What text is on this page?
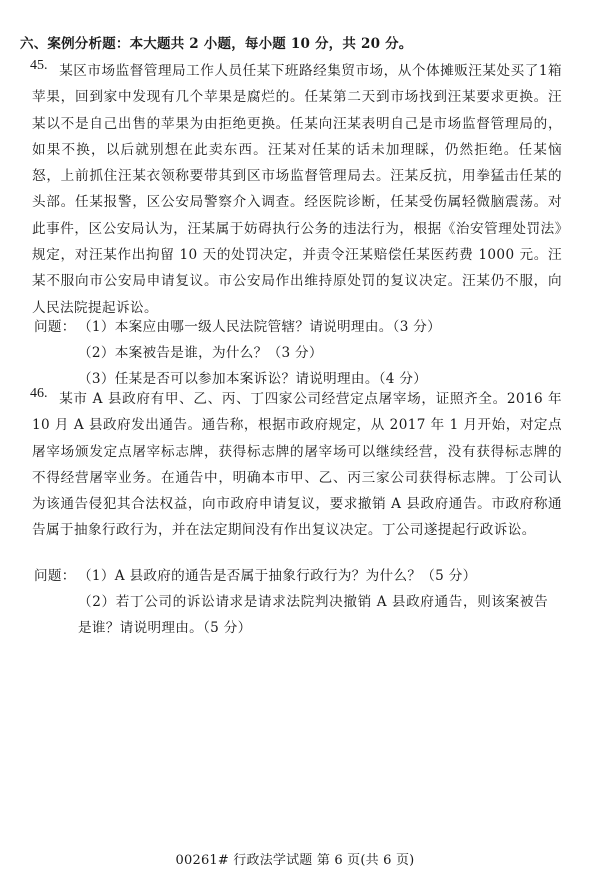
六、案例分析题：本大题共 2 小题，每小题 10 分，共 20 分。
45. 某区市场监督管理局工作人员任某下班路经集贸市场，从个体摊贩汪某处买了1箱苹果，回到家中发现有几个苹果是腐烂的。任某第二天到市场找到汪某要求更换。汪某以不是自己出售的苹果为由拒绝更换。任某向汪某表明自己是市场监督管理局的，如果不换，以后就别想在此卖东西。汪某对任某的话未加理睬，仍然拒绝。任某恼怒，上前抓住汪某衣领称要带其到区市场监督管理局去。汪某反抗，用拳猛击任某的头部。任某报警，区公安局警察介入调查。经医院诊断，任某受伤属轻微脑震荡。对此事件，区公安局认为，汪某属于妨碍执行公务的违法行为，根据《治安管理处罚法》规定，对汪某作出拘留 10 天的处罚决定，并责令汪某赔偿任某医药费 1000 元。汪某不服向市公安局申请复议。市公安局作出维持原处罚的复议决定。汪某仍不服，向人民法院提起诉讼。
问题： （1）本案应由哪一级人民法院管辖？请说明理由。（3 分）
（2）本案被告是谁，为什么？（3 分）
（3）任某是否可以参加本案诉讼？请说明理由。（4 分）
46. 某市 A 县政府有甲、乙、丙、丁四家公司经营定点屠宰场，证照齐全。2016 年 10 月 A 县政府发出通告。通告称，根据市政府规定，从 2017 年 1 月开始，对定点屠宰场颁发定点屠宰标志牌，获得标志牌的屠宰场可以继续经营，没有获得标志牌的不得经营屠宰业务。在通告中，明确本市甲、乙、丙三家公司获得标志牌。丁公司认为该通告侵犯其合法权益，向市政府申请复议，要求撤销 A 县政府通告。市政府称通告属于抽象行政行为，并在法定期间没有作出复议决定。丁公司遂提起行政诉讼。
问题： （1）A 县政府的通告是否属于抽象行政行为？为什么？（5 分）
（2）若丁公司的诉讼请求是请求法院判决撤销 A 县政府通告，则该案被告是谁？请说明理由。（5 分）
00261# 行政法学试题 第 6 页(共 6 页)
